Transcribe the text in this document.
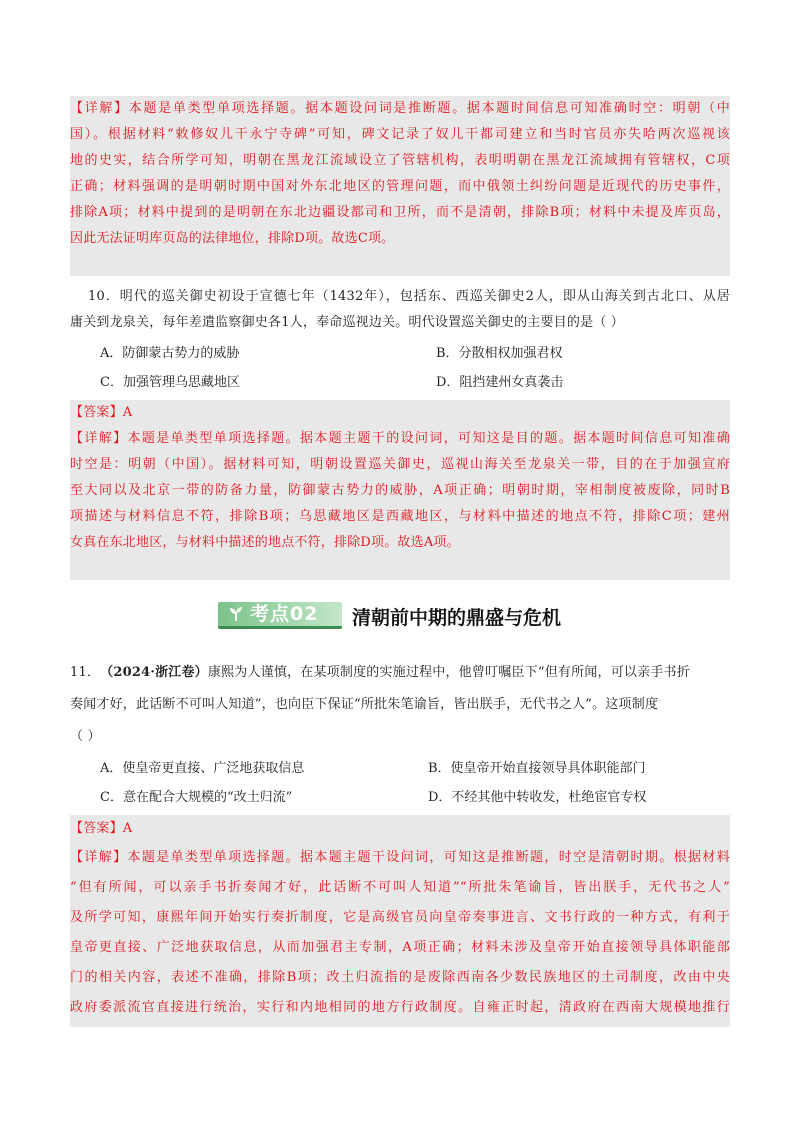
【详解】本题是单类型单项选择题。据本题设问词是推断题。据本题时间信息可知准确时空：明朝（中
国）。根据材料“敕修奴儿干永宁寺碑”可知，碑文记录了奴儿干都司建立和当时官员亦失哈两次巡视该
地的史实，结合所学可知，明朝在黑龙江流域设立了管辖机构，表明明朝在黑龙江流域拥有管辖权，C项
正确；材料强调的是明朝时期中国对外东北地区的管理问题，而中俄领土纠纷问题是近现代的历史事件，
排除A项；材料中提到的是明朝在东北边疆设都司和卫所，而不是清朝，排除B项；材料中未提及库页岛，
因此无法证明库页岛的法律地位，排除D项。故选C项。
10．明代的巡关御史初设于宣德七年（1432年），包括东、西巡关御史2人，即从山海关到古北口、从居
庸关到龙泉关，每年差遣监察御史各1人，奉命巡视边关。明代设置巡关御史的主要目的是（ ）
A．防御蒙古势力的威胁	B．分散相权加强君权
C．加强管理乌思藏地区	D．阻挡建州女真袭击
【答案】A
【详解】本题是单类型单项选择题。据本题主题干的设问词，可知这是目的题。据本题时间信息可知准确
时空是：明朝（中国）。据材料可知，明朝设置巡关御史，巡视山海关至龙泉关一带，目的在于加强宣府
至大同以及北京一带的防备力量，防御蒙古势力的威胁，A项正确；明朝时期，宰相制度被废除，同时B
项描述与材料信息不符，排除B项；乌思藏地区是西藏地区，与材料中描述的地点不符，排除C项；建州
女真在东北地区，与材料中描述的地点不符，排除D项。故选A项。
考点02 清朝前中期的鼎盛与危机
11． （2024·浙江卷） 康熙为人谨慎，在某项制度的实施过程中，他曾叮嘱臣下“但有所闻，可以亲手书折
奏闻才好，此话断不可叫人知道”，也向臣下保证“所批朱笔谕旨，皆出朕手，无代书之人”。这项制度
（ ）
A．使皇帝更直接、广泛地获取信息	B．使皇帝开始直接领导具体职能部门
C．意在配合大规模的“改土归流”	D．不经其他中转收发，杜绝宦官专权
【答案】A
【详解】本题是单类型单项选择题。据本题主题干设问词，可知这是推断题，时空是清朝时期。根据材料
“但有所闻，可以亲手书折奏闻才好，此话断不可叫人知道”“所批朱笔谕旨，皆出朕手，无代书之人”
及所学可知，康熙年间开始实行奏折制度，它是高级官员向皇帝奏事进言、文书行政的一种方式，有利于
皇帝更直接、广泛地获取信息，从而加强君主专制，A项正确；材料未涉及皇帝开始直接领导具体职能部
门的相关内容，表述不准确，排除B项；改土归流指的是废除西南各少数民族地区的土司制度，改由中央
政府委派流官直接进行统治，实行和内地相同的地方行政制度。自雍正时起，清政府在西南大规模地推行
